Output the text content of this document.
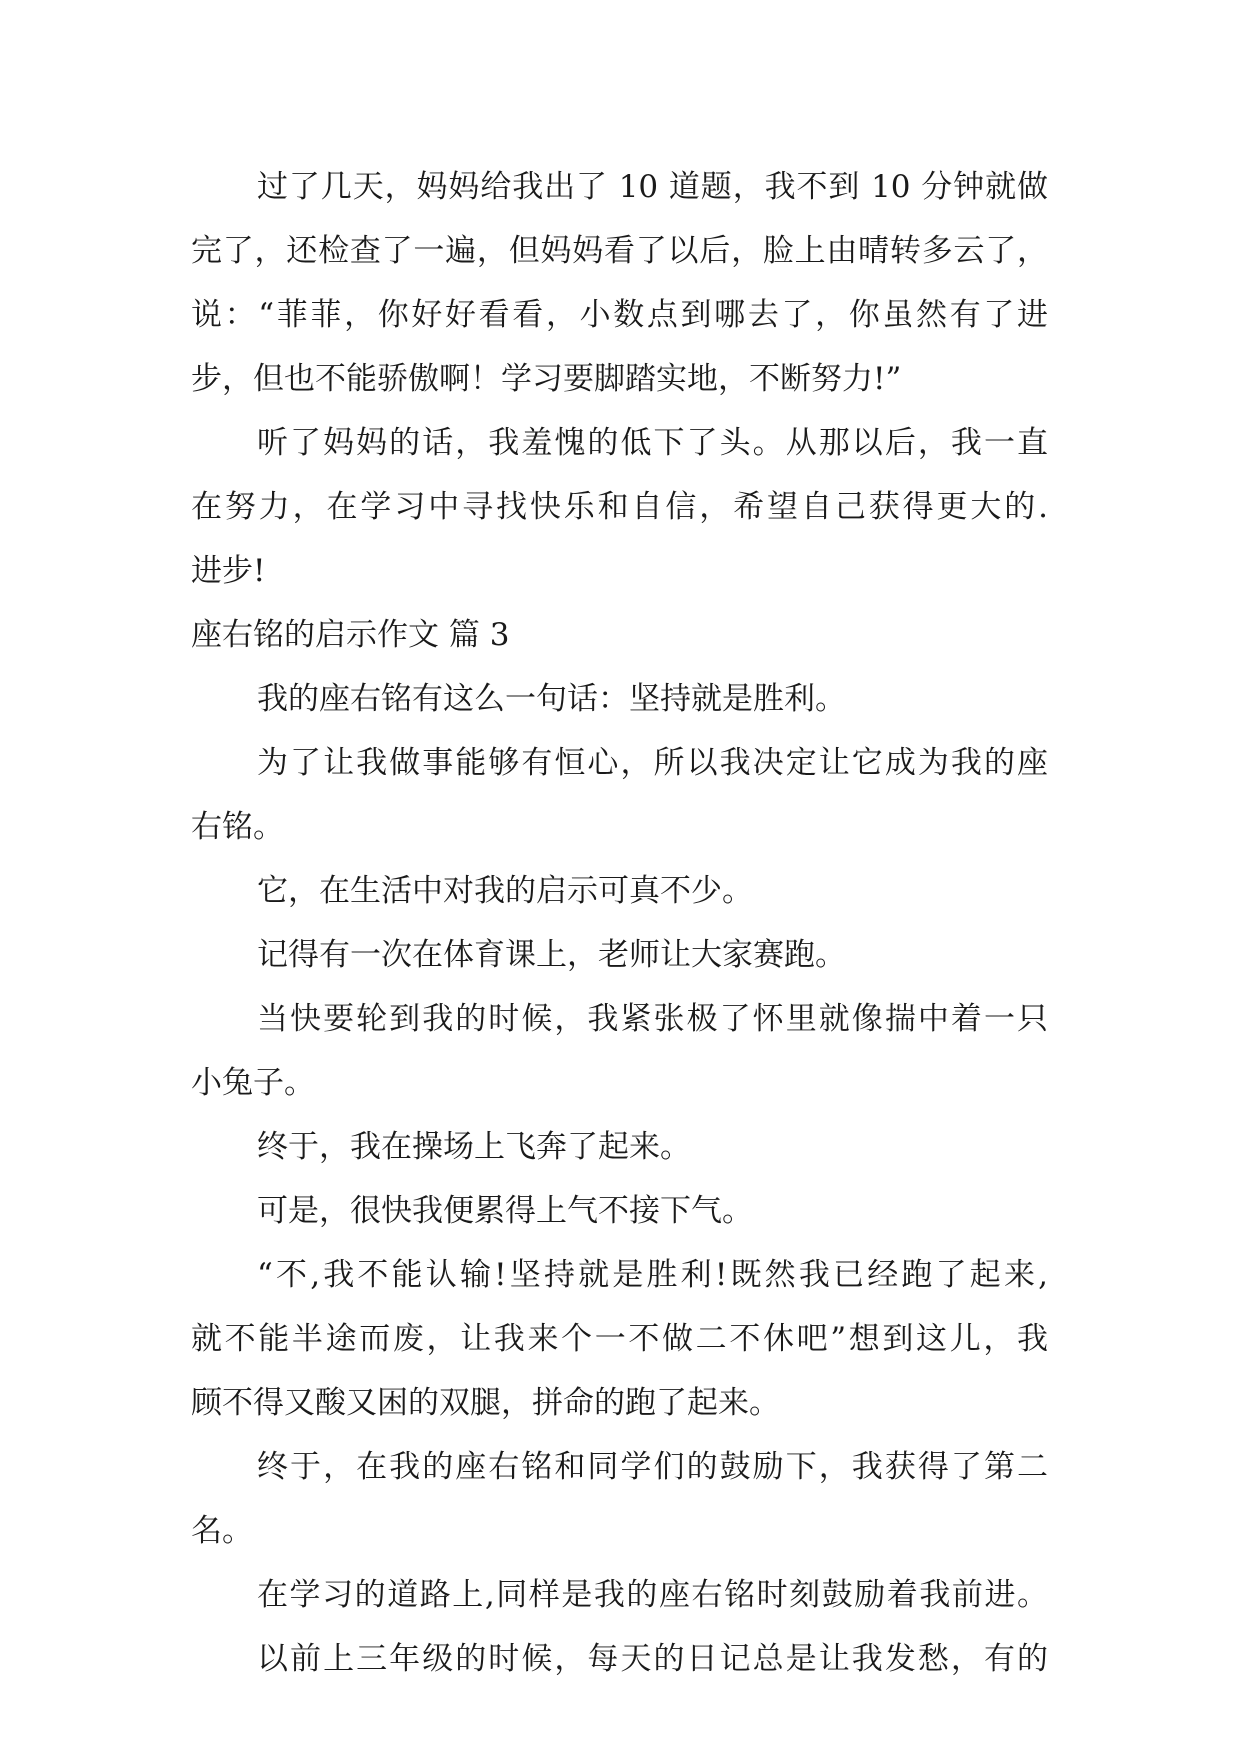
过了几天，妈妈给我出了 10 道题，我不到 10 分钟就做
完了，还检查了一遍，但妈妈看了以后，脸上由晴转多云了，
说：“菲菲，你好好看看，小数点到哪去了，你虽然有了进
步，但也不能骄傲啊！学习要脚踏实地，不断努力!”
听了妈妈的话，我羞愧的低下了头。从那以后，我一直
在努力，在学习中寻找快乐和自信，希望自己获得更大的.
进步!
座右铭的启示作文 篇 3
我的座右铭有这么一句话：坚持就是胜利。
为了让我做事能够有恒心，所以我决定让它成为我的座
右铭。
它，在生活中对我的启示可真不少。
记得有一次在体育课上，老师让大家赛跑。
当快要轮到我的时候，我紧张极了怀里就像揣中着一只
小兔子。
终于，我在操场上飞奔了起来。
可是，很快我便累得上气不接下气。
“不,我不能认输!坚持就是胜利!既然我已经跑了起来,
就不能半途而废，让我来个一不做二不休吧”想到这儿，我
顾不得又酸又困的双腿，拼命的跑了起来。
终于，在我的座右铭和同学们的鼓励下，我获得了第二
名。
在学习的道路上,同样是我的座右铭时刻鼓励着我前进。
以前上三年级的时候，每天的日记总是让我发愁，有的
